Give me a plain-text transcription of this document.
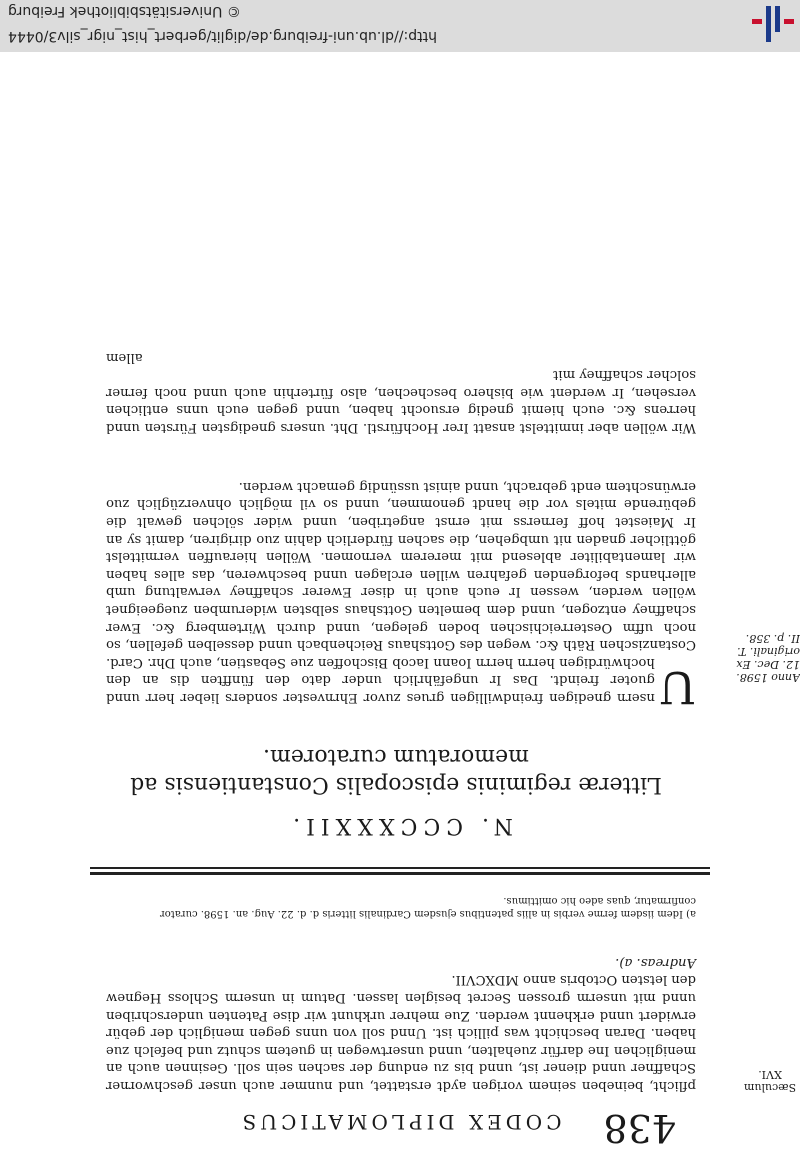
© Universitätsbibliothek Freiburg
http://dl.ub.uni-freiburg.de/diglit/gerbert_hist_nigr_silv3/0444
438
CODEX DIPLOMATICUS
Sæculum
XVI.
pflicht, beineben seinem vorigen aydt erstattet, und nunmer auch unser geschworner Schaffner unnd diener ist, unnd bis zu endung der sachen sein soll. Gesinnen auch an meniglichen Ine darfür zuehalten, unnd unsertwegen in guetem schutz und befelch zue haben. Daran beschicht was pillich ist. Unnd soll von unns gegen meniglich der gebür erwidert unnd erkhennt werden. Zue mehrer urkhunt wir dise Patenten underschriben unnd mit unserm grossen Secret besiglen lassen. Datum in unserm Schloss Hegnew den letsten Octobris anno MDXCVII.
Andreas. a).
a) Idem iisdem ferme verbis in aliis patentibus ejusdem Cardinalis litteris d. d. 22. Aug. an. 1598. curator confirmatur, quas adeo hic omittimus.
N. CCCXXXII.
Litteræ regiminis episcopalis Constantiensis ad memoratum curatorem.
Anno 1598.
12. Dec. Ex
originali. T.
II. p. 358.
U
nsern gnedigen freindwilligen grues zuvor Ehrnvester sonders lieber herr unnd guoter freindt. Das Ir ungefährlich under dato den fünfften dis an den hochwürdigen herrn herrn Ioann Iacob Bischoffen zue Sebastien, auch Dhr. Card. Costanzischen Räth &c. wegen des Gottshaus Reichenbach unnd desselben gefellen, so noch uffm Oesterreichischen boden gelegen, unnd durch Wirtemberg &c. Ewer schaffney entzogen, unnd dem bemelten Gottshaus selbsten widerumben zuegeeignet wöllen werden, wessen Ir euch auch in diser Ewerer schaffney verwaltung umb allerhands beforgenden gefahren willen erclagen unnd beschweren, das alles haben wir lamentabiliter ablesend mit mererem vernomen. Wöllen hierauffen vermittelst göttlicher gnaden nit umbgehen, die sachen fürderlich dahin zuo dirigiren, damit sy an Ir Maiestet hoff fernerss mit ernst angetriben, unnd wider sölchen gewalt die gebürende mitels vor die handt genommen, unnd so vil möglich ohnverzüglich zuo erwünschtem endt gebracht, unnd ainist ussündig gemacht werden.
Wir wöllen aber inmittelst ansatt Irer Hochfürstl. Dht. unsers gnedigsten Fürsten unnd herrens &c. euch hiemit gnedig ersuocht haben, unnd gegen euch unns entlichen versehen, Ir werdent wie bishero beschechen, also fürterhin auch unnd noch ferner solcher schaffney mit
allem
